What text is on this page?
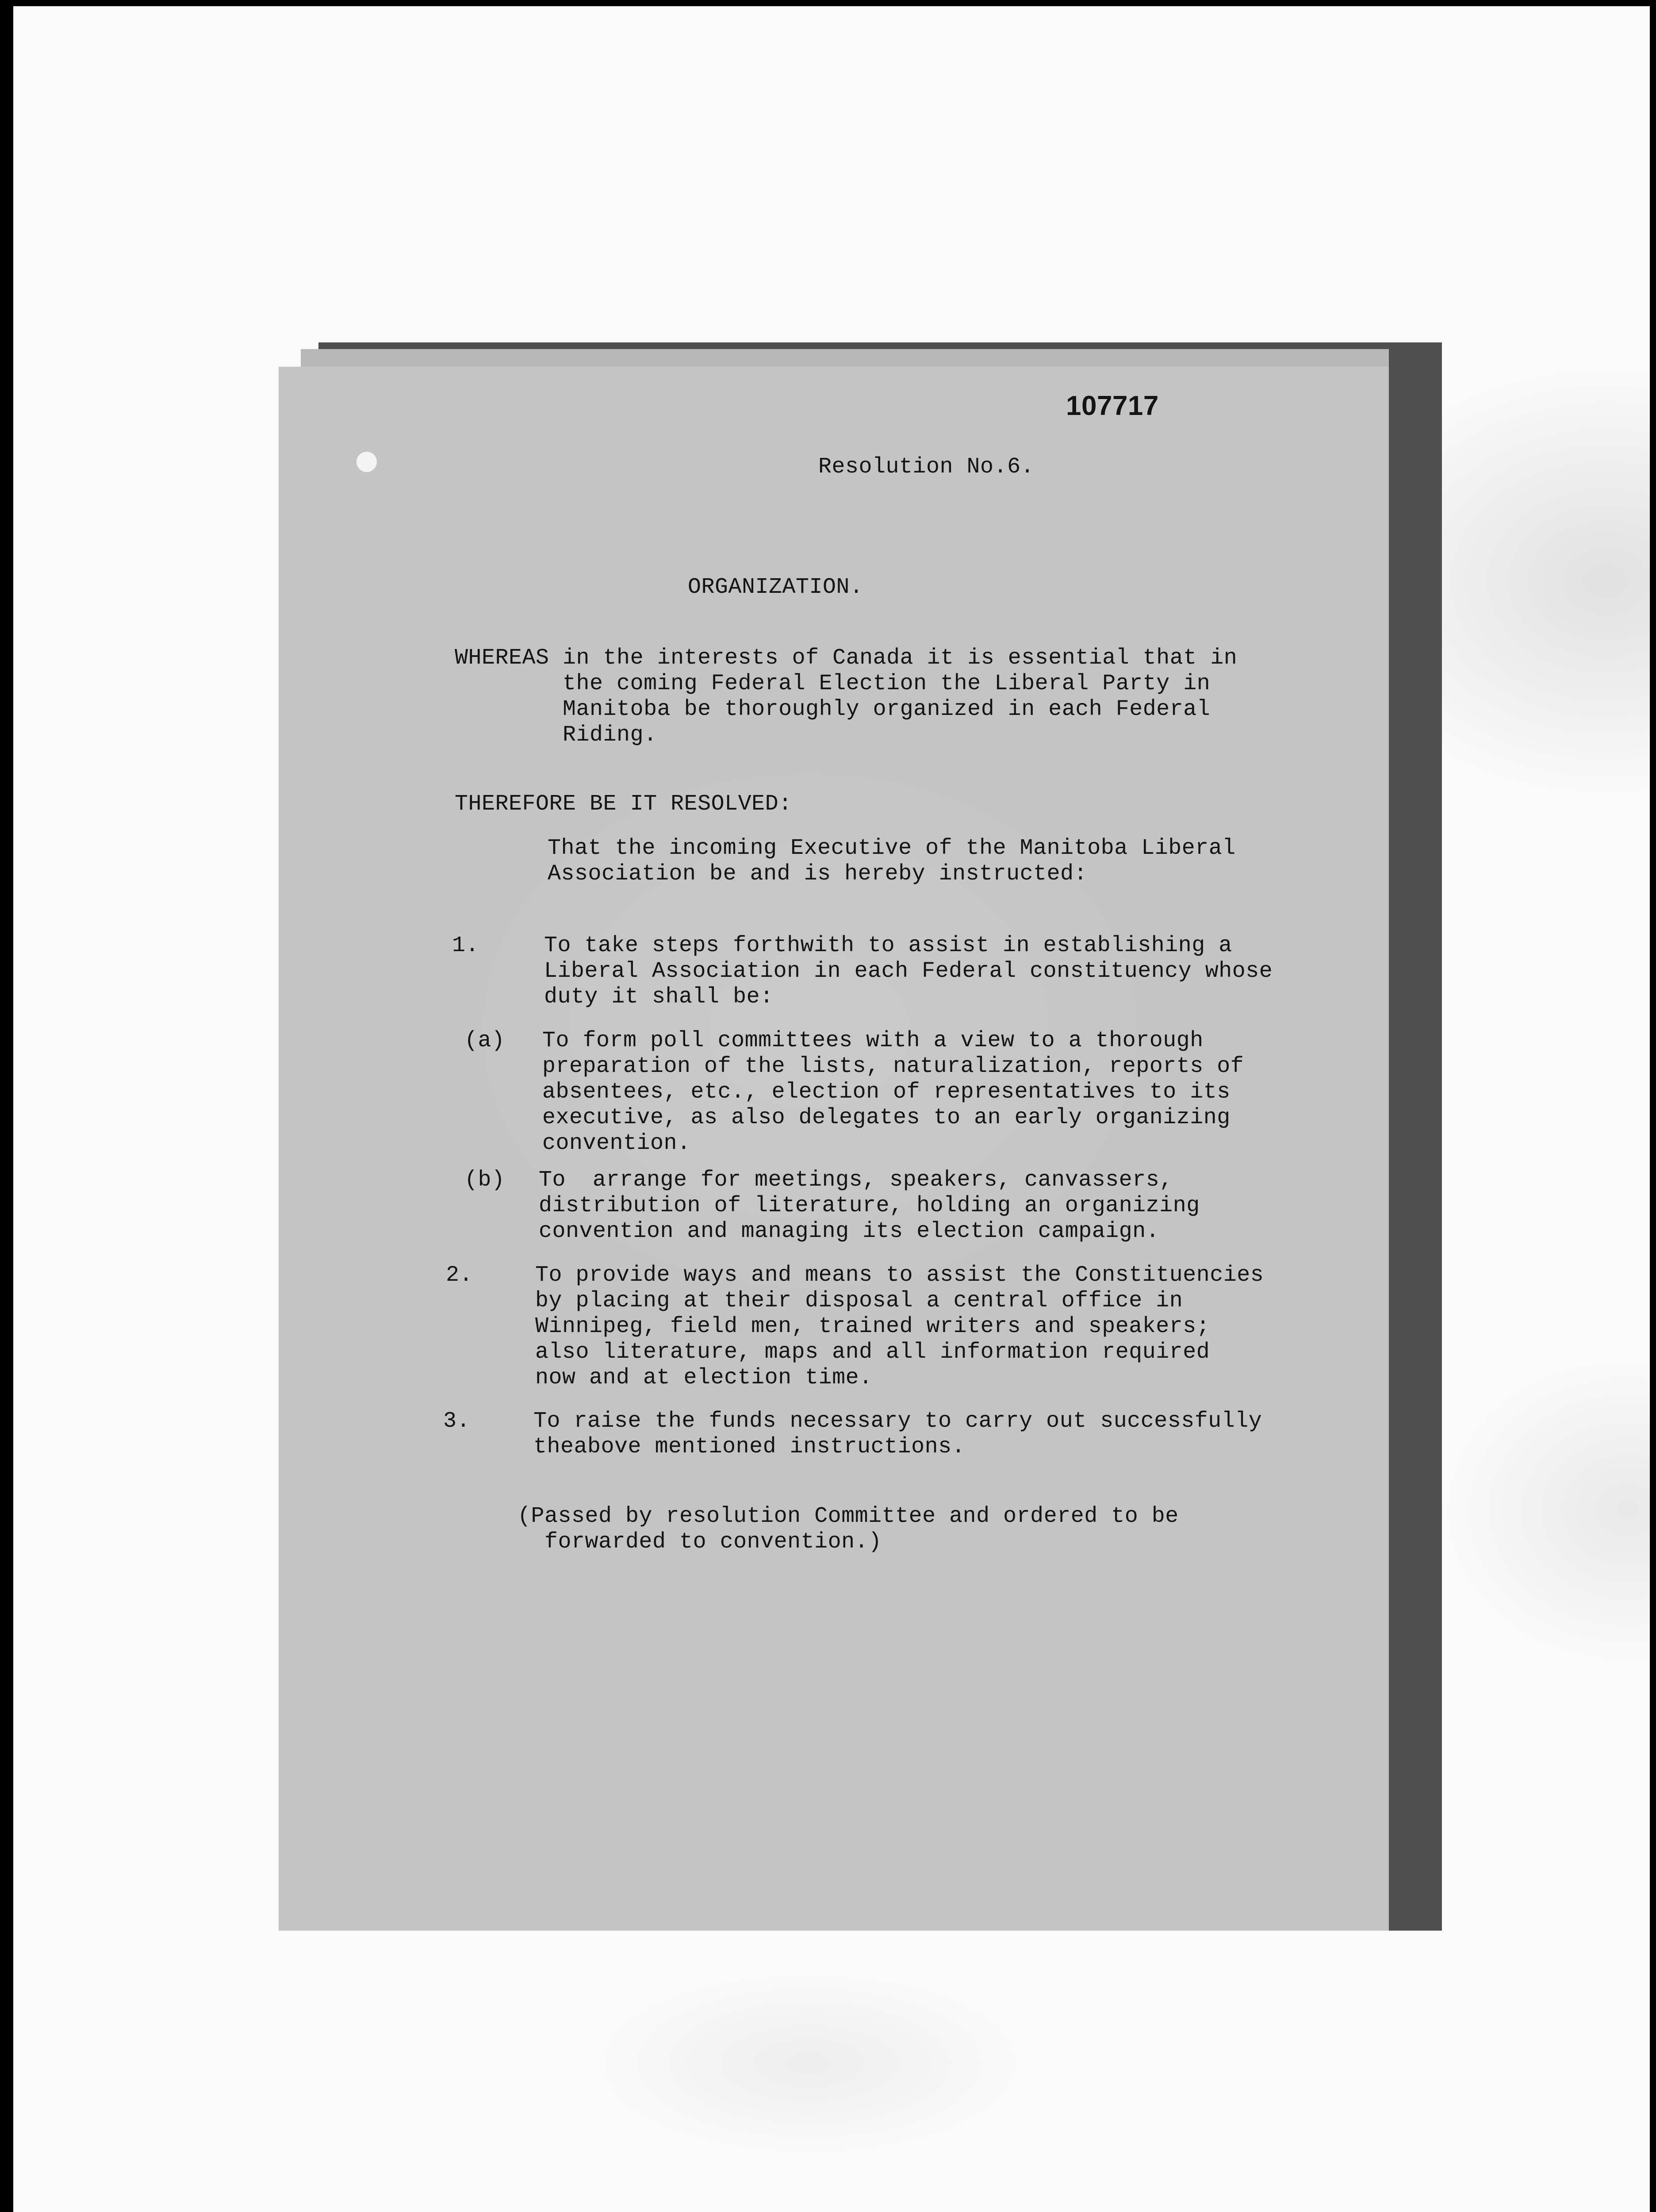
107717
Resolution No.6.
ORGANIZATION.
WHEREAS in the interests of Canada it is essential that in
the coming Federal Election the Liberal Party in
Manitoba be thoroughly organized in each Federal
Riding.
THEREFORE BE IT RESOLVED:
That the incoming Executive of the Manitoba Liberal
Association be and is hereby instructed:
1.	To take steps forthwith to assist in establishing a
Liberal Association in each Federal constituency whose
duty it shall be:
(a) To form poll committees with a view to a thorough
preparation of the lists, naturalization, reports of
absentees, etc., election of representatives to its
executive, as also delegates to an early organizing
convention.
(b) To  arrange for meetings, speakers, canvassers,
distribution of literature, holding an organizing
convention and managing its election campaign.
2.	To provide ways and means to assist the Constituencies
by placing at their disposal a central office in
Winnipeg, field men, trained writers and speakers;
also literature, maps and all information required
now and at election time.
3.	To raise the funds necessary to carry out successfully
theabove mentioned instructions.
(Passed by resolution Committee and ordered to be
forwarded to convention.)
